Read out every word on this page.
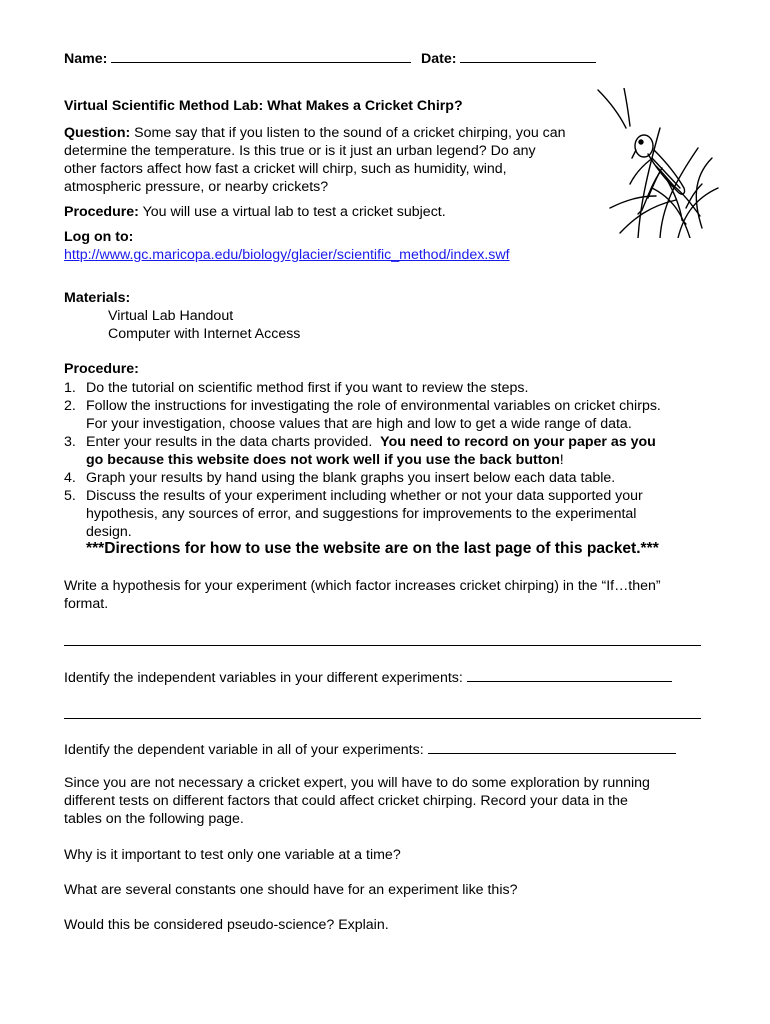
Name:	Date:
Virtual Scientific Method Lab: What Makes a Cricket Chirp?
Question: Some say that if you listen to the sound of a cricket chirping, you can
determine the temperature. Is this true or is it just an urban legend? Do any
other factors affect how fast a cricket will chirp, such as humidity, wind,
atmospheric pressure, or nearby crickets?
Procedure: You will use a virtual lab to test a cricket subject.
Log on to:
http://www.gc.maricopa.edu/biology/glacier/scientific_method/index.swf
Materials:
Virtual Lab Handout
Computer with Internet Access
Procedure:
1. Do the tutorial on scientific method first if you want to review the steps.
2. Follow the instructions for investigating the role of environmental variables on cricket chirps.
For your investigation, choose values that are high and low to get a wide range of data.
3. Enter your results in the data charts provided. You need to record on your paper as you
go because this website does not work well if you use the back button!
4. Graph your results by hand using the blank graphs you insert below each data table.
5. Discuss the results of your experiment including whether or not your data supported your
hypothesis, any sources of error, and suggestions for improvements to the experimental
design.
***Directions for how to use the website are on the last page of this packet.***
Write a hypothesis for your experiment (which factor increases cricket chirping) in the “If…then”
format.
Identify the independent variables in your different experiments:
Identify the dependent variable in all of your experiments:
Since you are not necessary a cricket expert, you will have to do some exploration by running
different tests on different factors that could affect cricket chirping. Record your data in the
tables on the following page.
Why is it important to test only one variable at a time?
What are several constants one should have for an experiment like this?
Would this be considered pseudo-science? Explain.
